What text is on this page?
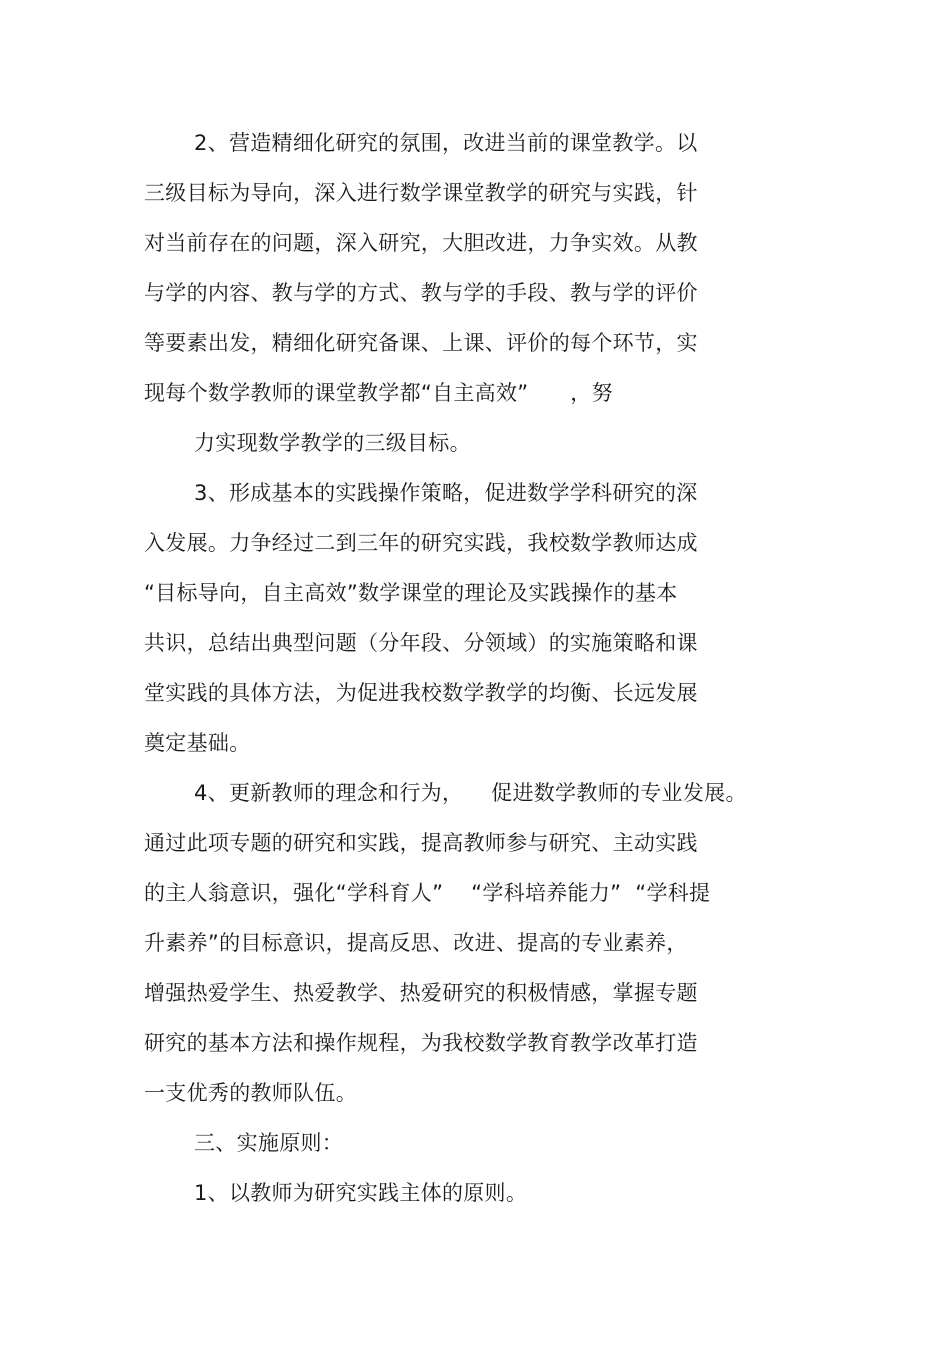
2、营造精细化研究的氛围，改进当前的课堂教学。以
三级目标为导向，深入进行数学课堂教学的研究与实践，针
对当前存在的问题，深入研究，大胆改进，力争实效。从教
与学的内容、教与学的方式、教与学的手段、教与学的评价
等要素出发，精细化研究备课、上课、评价的每个环节，实
现每个数学教师的课堂教学都“自主高效”      ，努
力实现数学教学的三级目标。
3、形成基本的实践操作策略，促进数学学科研究的深
入发展。力争经过二到三年的研究实践，我校数学教师达成
“目标导向，自主高效”数学课堂的理论及实践操作的基本
共识，总结出典型问题（分年段、分领域）的实施策略和课
堂实践的具体方法，为促进我校数学教学的均衡、长远发展
奠定基础。
4、更新教师的理念和行为，    促进数学教师的专业发展。
通过此项专题的研究和实践，提高教师参与研究、主动实践
的主人翁意识，强化“学科育人”    “学科培养能力”  “学科提
升素养”的目标意识，提高反思、改进、提高的专业素养，
增强热爱学生、热爱教学、热爱研究的积极情感，掌握专题
研究的基本方法和操作规程，为我校数学教育教学改革打造
一支优秀的教师队伍。
三、实施原则：
1、以教师为研究实践主体的原则。
